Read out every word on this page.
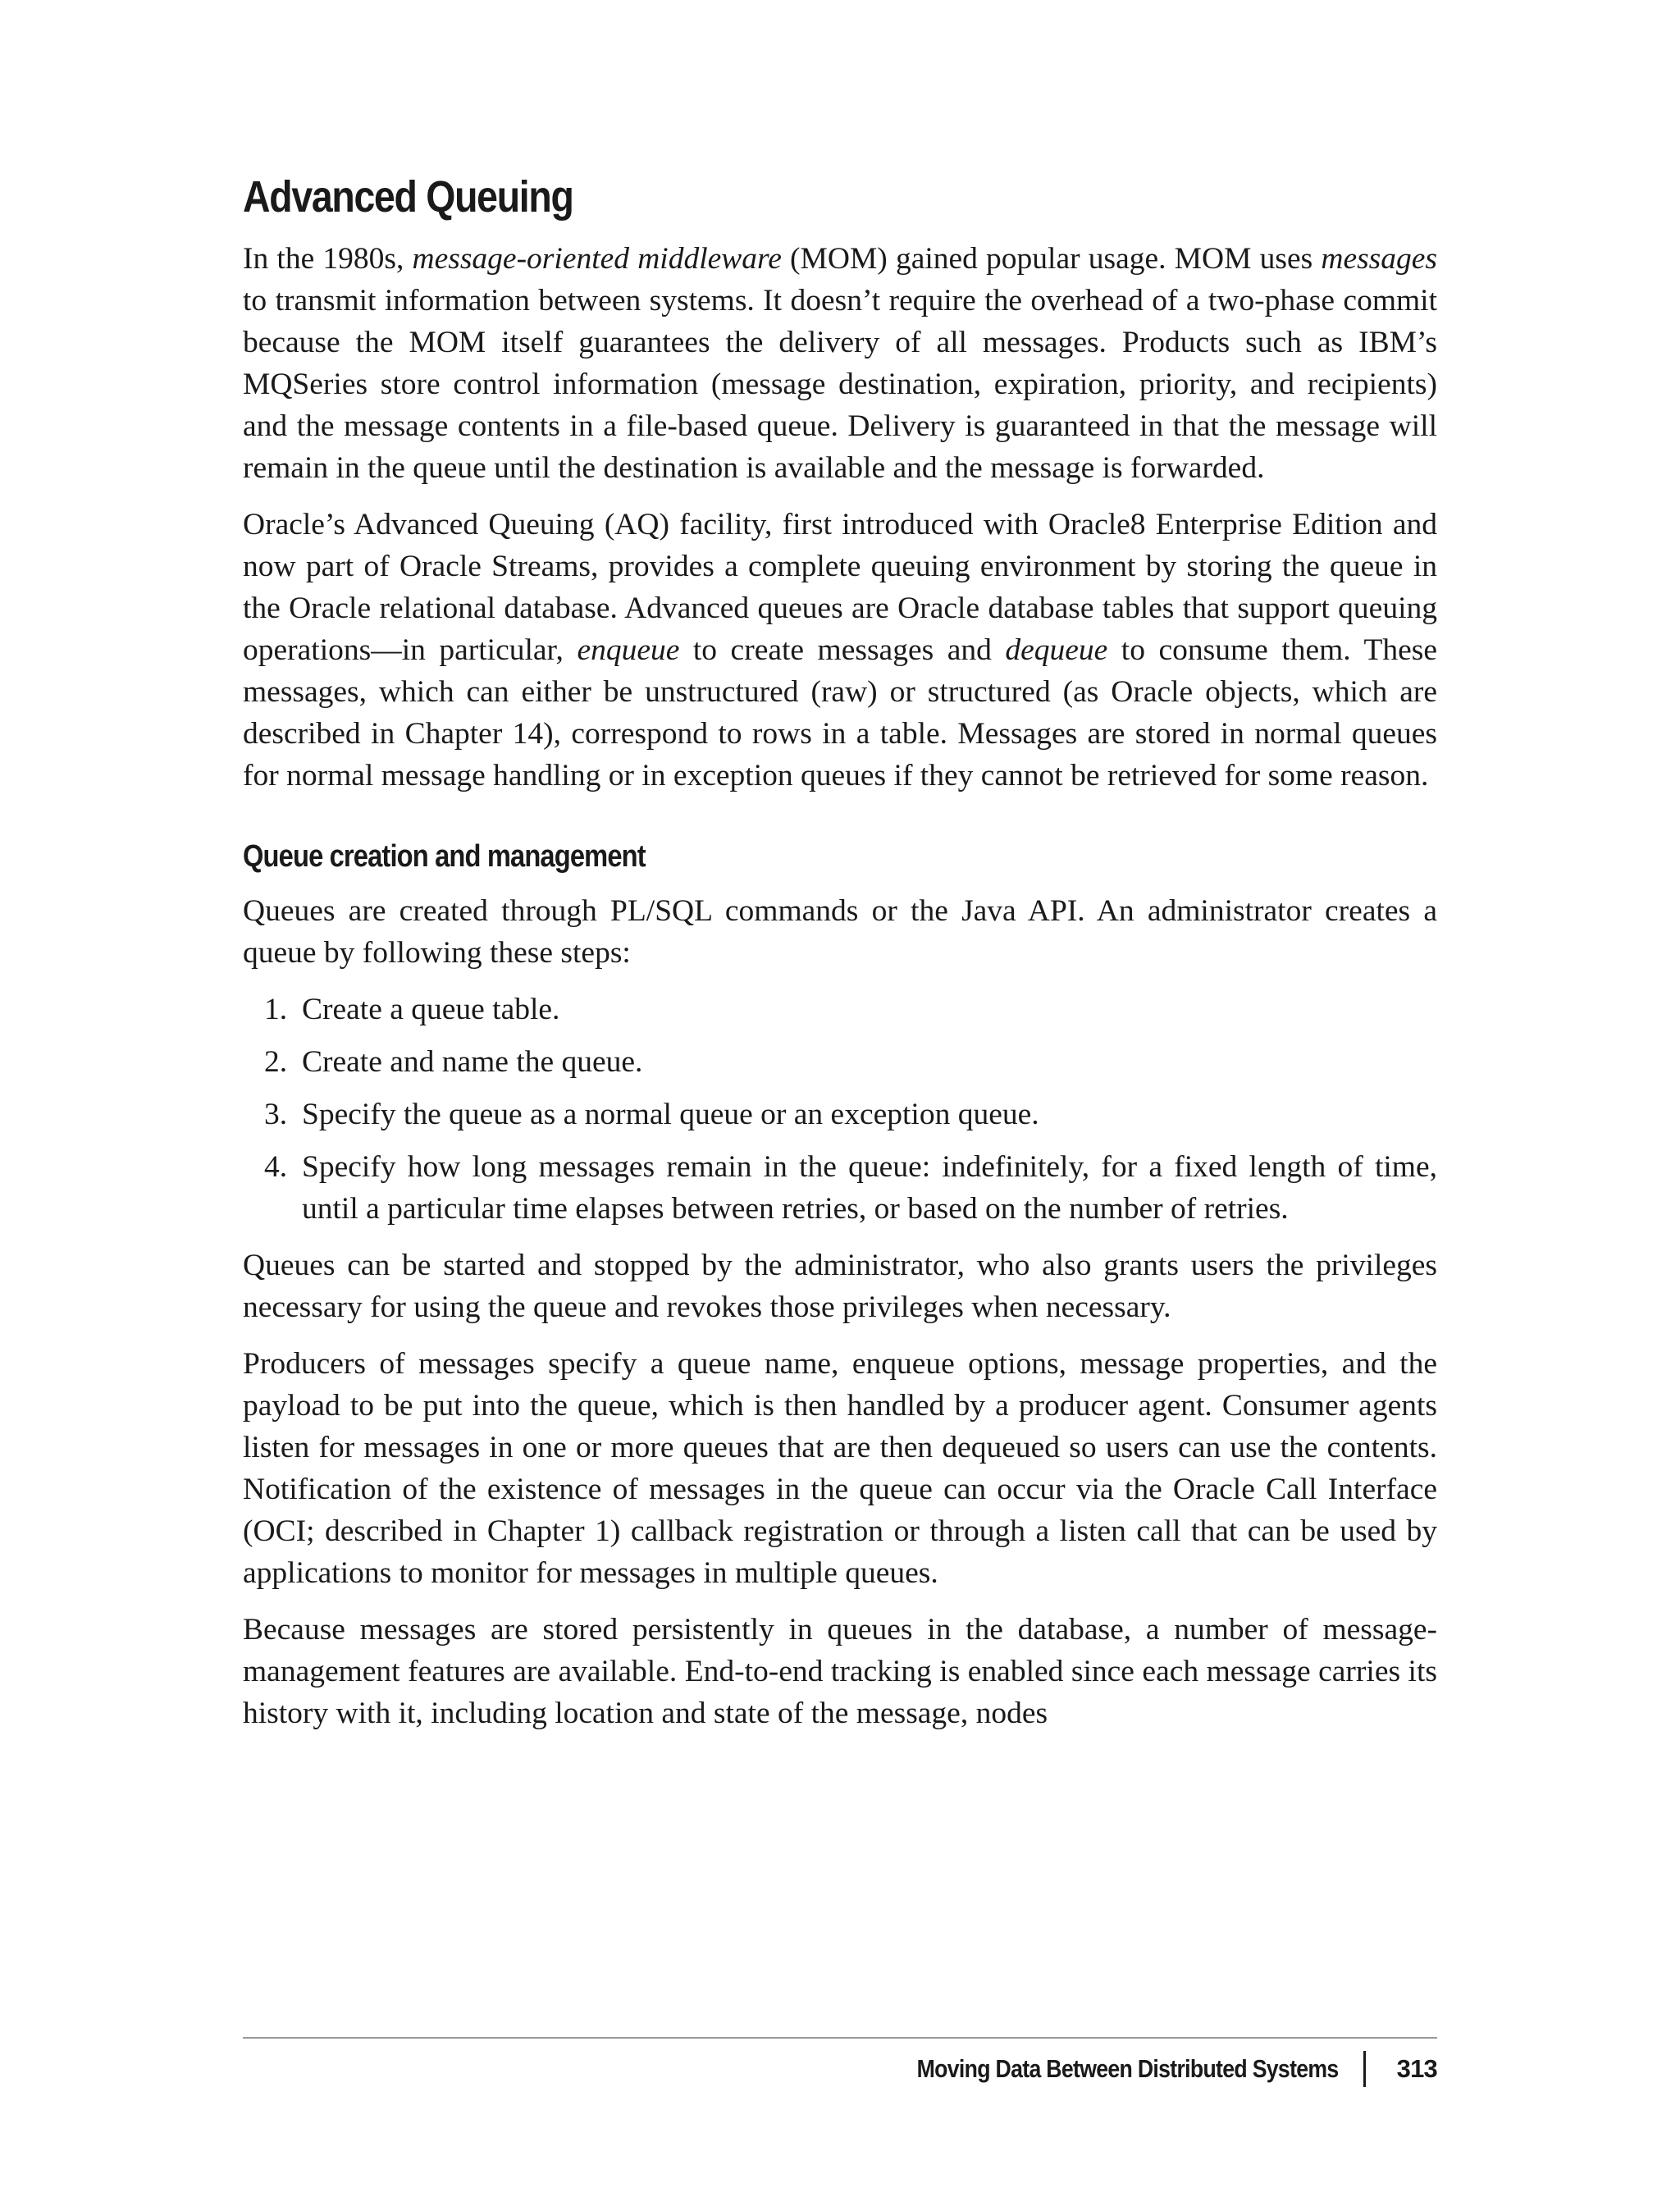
Advanced Queuing

In the 1980s, message-oriented middleware (MOM) gained popular usage. MOM uses messages to transmit information between systems. It doesn’t require the overhead of a two-phase commit because the MOM itself guarantees the delivery of all messages. Products such as IBM’s MQSeries store control information (message destination, expiration, priority, and recipients) and the message contents in a file-based queue. Delivery is guaranteed in that the message will remain in the queue until the destination is available and the message is forwarded.

Oracle’s Advanced Queuing (AQ) facility, first introduced with Oracle8 Enterprise Edition and now part of Oracle Streams, provides a complete queuing environment by storing the queue in the Oracle relational database. Advanced queues are Oracle database tables that support queuing operations—in particular, enqueue to create messages and dequeue to consume them. These messages, which can either be unstructured (raw) or structured (as Oracle objects, which are described in Chapter 14), correspond to rows in a table. Messages are stored in normal queues for normal message handling or in exception queues if they cannot be retrieved for some reason.

Queue creation and management

Queues are created through PL/SQL commands or the Java API. An administrator creates a queue by following these steps:

1. Create a queue table.
2. Create and name the queue.
3. Specify the queue as a normal queue or an exception queue.
4. Specify how long messages remain in the queue: indefinitely, for a fixed length of time, until a particular time elapses between retries, or based on the number of retries.

Queues can be started and stopped by the administrator, who also grants users the privileges necessary for using the queue and revokes those privileges when necessary.

Producers of messages specify a queue name, enqueue options, message properties, and the payload to be put into the queue, which is then handled by a producer agent. Consumer agents listen for messages in one or more queues that are then dequeued so users can use the contents. Notification of the existence of messages in the queue can occur via the Oracle Call Interface (OCI; described in Chapter 1) callback registration or through a listen call that can be used by applications to monitor for messages in multiple queues.

Because messages are stored persistently in queues in the database, a number of message-management features are available. End-to-end tracking is enabled since each message carries its history with it, including location and state of the message, nodes

Moving Data Between Distributed Systems 313
